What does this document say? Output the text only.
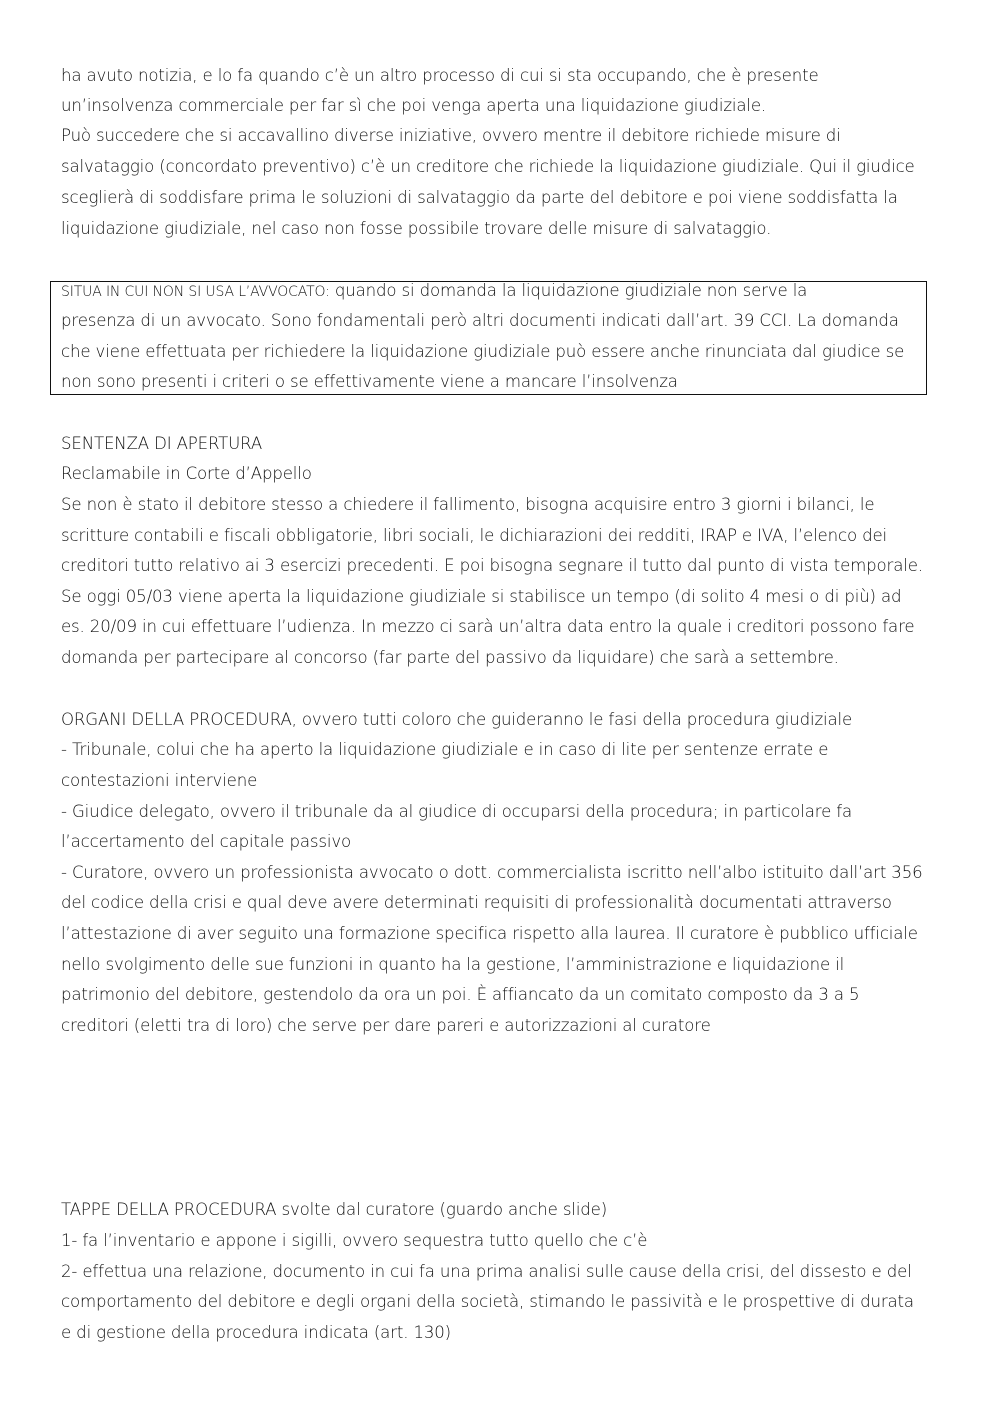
ha avuto notizia, e lo fa quando c’è un altro processo di cui si sta occupando, che è presente
un’insolvenza commerciale per far sì che poi venga aperta una liquidazione giudiziale.
Può succedere che si accavallino diverse iniziative, ovvero mentre il debitore richiede misure di
salvataggio (concordato preventivo) c’è un creditore che richiede la liquidazione giudiziale. Qui il giudice
sceglierà di soddisfare prima le soluzioni di salvataggio da parte del debitore e poi viene soddisfatta la
liquidazione giudiziale, nel caso non fosse possibile trovare delle misure di salvataggio.
SITUA IN CUI NON SI USA L’AVVOCATO: quando si domanda la liquidazione giudiziale non serve la
presenza di un avvocato. Sono fondamentali però altri documenti indicati dall’art. 39 CCI. La domanda
che viene effettuata per richiedere la liquidazione giudiziale può essere anche rinunciata dal giudice se
non sono presenti i criteri o se effettivamente viene a mancare l’insolvenza
SENTENZA DI APERTURA
Reclamabile in Corte d’Appello
Se non è stato il debitore stesso a chiedere il fallimento, bisogna acquisire entro 3 giorni i bilanci, le
scritture contabili e fiscali obbligatorie, libri sociali, le dichiarazioni dei redditi, IRAP e IVA, l’elenco dei
creditori tutto relativo ai 3 esercizi precedenti. E poi bisogna segnare il tutto dal punto di vista temporale.
Se oggi 05/03 viene aperta la liquidazione giudiziale si stabilisce un tempo (di solito 4 mesi o di più) ad
es. 20/09 in cui effettuare l’udienza. In mezzo ci sarà un’altra data entro la quale i creditori possono fare
domanda per partecipare al concorso (far parte del passivo da liquidare) che sarà a settembre.
ORGANI DELLA PROCEDURA, ovvero tutti coloro che guideranno le fasi della procedura giudiziale
- Tribunale, colui che ha aperto la liquidazione giudiziale e in caso di lite per sentenze errate e
contestazioni interviene
- Giudice delegato, ovvero il tribunale da al giudice di occuparsi della procedura; in particolare fa
l’accertamento del capitale passivo
- Curatore, ovvero un professionista avvocato o dott. commercialista iscritto nell’albo istituito dall’art 356
del codice della crisi e qual deve avere determinati requisiti di professionalità documentati attraverso
l’attestazione di aver seguito una formazione specifica rispetto alla laurea. Il curatore è pubblico ufficiale
nello svolgimento delle sue funzioni in quanto ha la gestione, l’amministrazione e liquidazione il
patrimonio del debitore, gestendolo da ora un poi. È affiancato da un comitato composto da 3 a 5
creditori (eletti tra di loro) che serve per dare pareri e autorizzazioni al curatore
TAPPE DELLA PROCEDURA svolte dal curatore (guardo anche slide)
1- fa l’inventario e appone i sigilli, ovvero sequestra tutto quello che c’è
2- effettua una relazione, documento in cui fa una prima analisi sulle cause della crisi, del dissesto e del
comportamento del debitore e degli organi della società, stimando le passività e le prospettive di durata
e di gestione della procedura indicata (art. 130)
